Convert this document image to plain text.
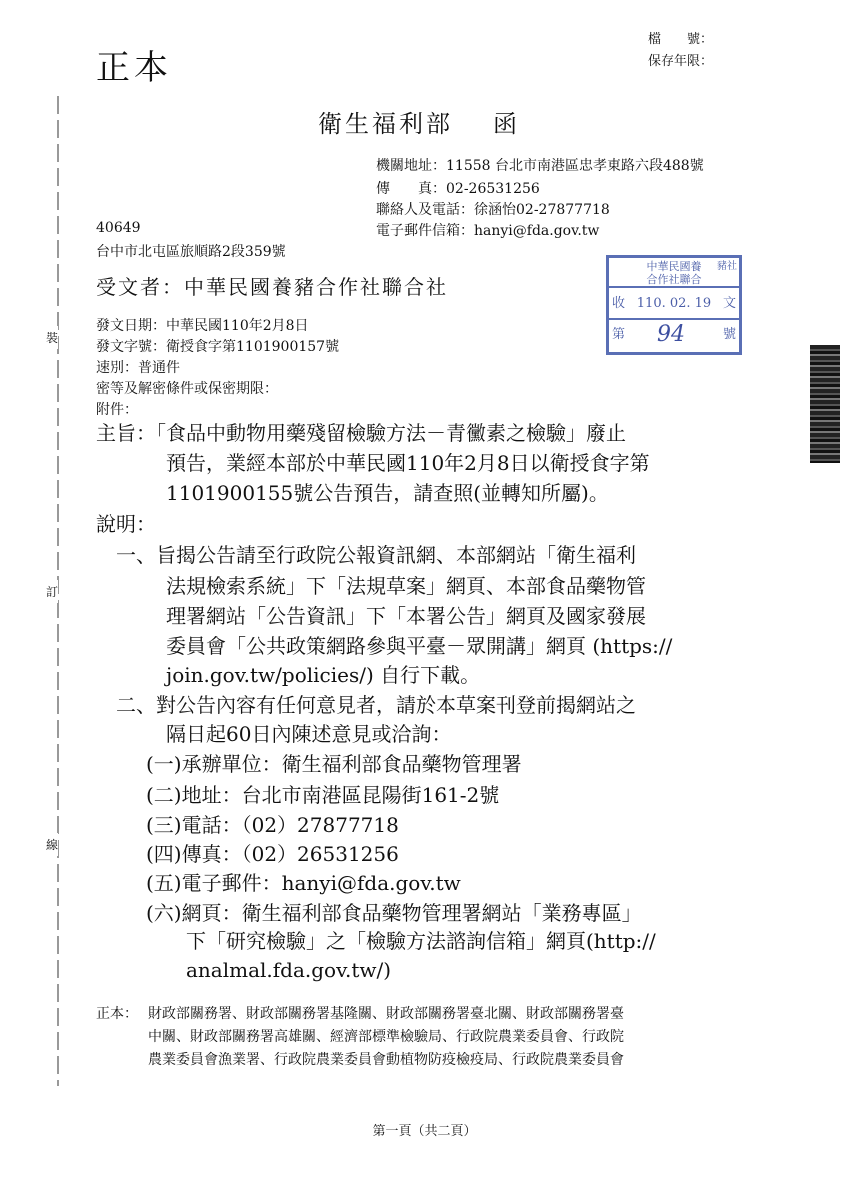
正本
檔　　號：
保存年限：
衛生福利部 函
機關地址：11558 台北市南港區忠孝東路六段488號
傳　　真：02-26531256
聯絡人及電話：徐涵怡02-27877718
電子郵件信箱：hanyi@fda.gov.tw
40649
台中市北屯區旅順路2段359號
受文者：中華民國養豬合作社聯合社
中華民國養
合作社聯合
豬社
收 110. 02. 19 文
第 94	號
發文日期：中華民國110年2月8日
發文字號：衛授食字第1101900157號
速別：普通件
密等及解密條件或保密期限：
附件：
主旨：「食品中動物用藥殘留檢驗方法－青黴素之檢驗」廢止
預告，業經本部於中華民國110年2月8日以衛授食字第
1101900155號公告預告，請查照(並轉知所屬)。
說明：
一、旨揭公告請至行政院公報資訊網、本部網站「衛生福利
法規檢索系統」下「法規草案」網頁、本部食品藥物管
理署網站「公告資訊」下「本署公告」網頁及國家發展
委員會「公共政策網路參與平臺－眾開講」網頁 (https://
join.gov.tw/policies/) 自行下載。
二、對公告內容有任何意見者，請於本草案刊登前揭網站之
隔日起60日內陳述意見或洽詢：
(一)承辦單位：衛生福利部食品藥物管理署
(二)地址：台北市南港區昆陽街161-2號
(三)電話：（02）27877718
(四)傳真：（02）26531256
(五)電子郵件：hanyi@fda.gov.tw
(六)網頁：衛生福利部食品藥物管理署網站「業務專區」
下「研究檢驗」之「檢驗方法諮詢信箱」網頁(http://
analmal.fda.gov.tw/)
正本： 財政部關務署、財政部關務署基隆關、財政部關務署臺北關、財政部關務署臺
中關、財政部關務署高雄關、經濟部標準檢驗局、行政院農業委員會、行政院
農業委員會漁業署、行政院農業委員會動植物防疫檢疫局、行政院農業委員會
第一頁（共二頁）
裝
訂
線
